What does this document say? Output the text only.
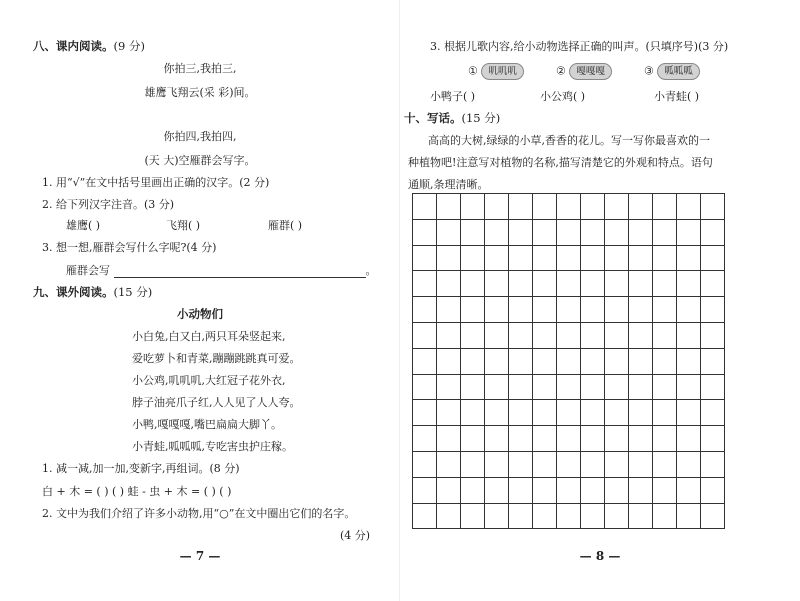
八、课内阅读。(9 分)
你拍三,我拍三,
雄鹰飞翔云(采 彩)间。
你拍四,我拍四,
(天 大)空雁群会写字。
1. 用“√”在文中括号里画出正确的汉字。(2 分)
2. 给下列汉字注音。(3 分)
雄鹰( )	飞翔( )	雁群( )
3. 想一想,雁群会写什么字呢?(4 分)
雁群会写	。
九、课外阅读。(15 分)
小动物们
小白兔,白又白,两只耳朵竖起来,
爱吃萝卜和青菜,蹦蹦跳跳真可爱。
小公鸡,叽叽叽,大红冠子花外衣,
脖子油亮爪子红,人人见了人人夸。
小鸭,嘎嘎嘎,嘴巴扁扁大脚丫。
小青蛙,呱呱呱,专吃害虫护庄稼。
1. 减一减,加一加,变新字,再组词。(8 分)
白 + 木 = ( ) ( ) 蛙 - 虫 + 木 = ( ) ( )
2. 文中为我们介绍了许多小动物,用“○”在文中圈出它们的名字。
(4 分)
— 7 —
3. 根据儿歌内容,给小动物选择正确的叫声。(只填序号)(3 分)
① 叽叽叽	② 嘎嘎嘎	③ 呱呱呱
小鸭子( )	小公鸡( )	小青蛙( )
十、写话。(15 分)
高高的大树,绿绿的小草,香香的花儿。写一写你最喜欢的一
种植物吧!注意写对植物的名称,描写清楚它的外观和特点。语句
通顺,条理清晰。
— 8 —
